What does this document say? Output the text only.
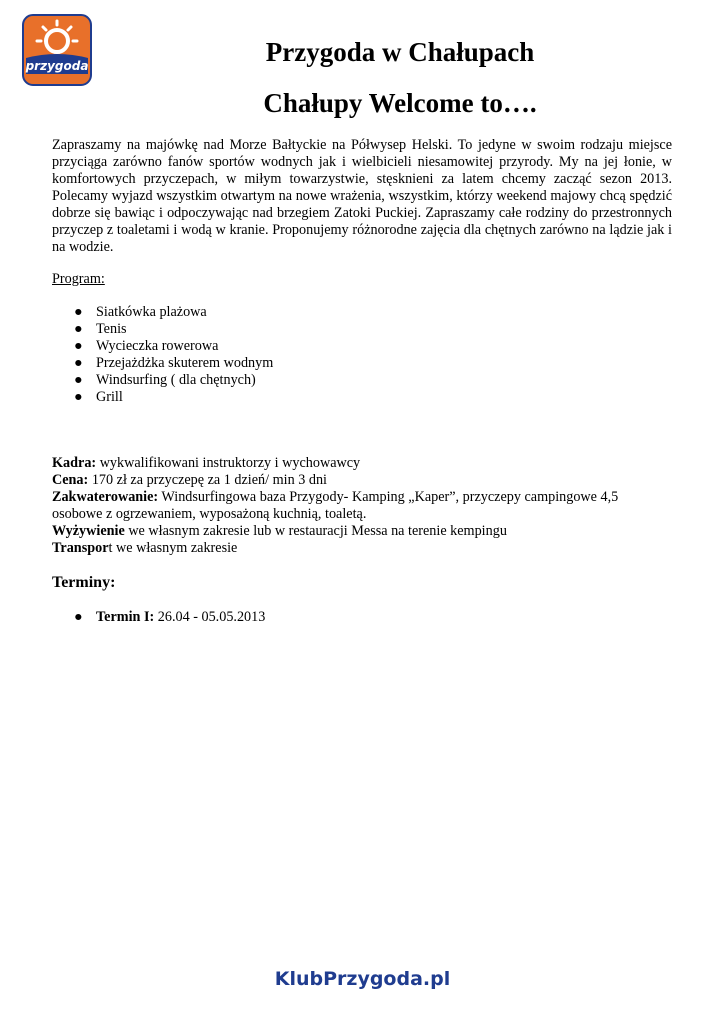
przygoda	Przygoda w Chałupach
Chałupy Welcome to….

Zapraszamy na majówkę nad Morze Bałtyckie na Półwysep Helski. To jedyne w swoim rodzaju miejsce przyciąga zarówno fanów sportów wodnych jak i wielbicieli niesamowitej przyrody. My na jej łonie, w komfortowych przyczepach, w miłym towarzystwie, stęsknieni za latem chcemy zacząć sezon 2013. Polecamy wyjazd wszystkim otwartym na nowe wrażenia, wszystkim, którzy weekend majowy chcą spędzić dobrze się bawiąc i odpoczywając nad brzegiem Zatoki Puckiej. Zapraszamy całe rodziny do przestronnych przyczep z toaletami i wodą w kranie. Proponujemy różnorodne zajęcia dla chętnych zarówno na lądzie jak i na wodzie.

Program:

● Siatkówka plażowa
● Tenis
● Wycieczka rowerowa
● Przejażdżka skuterem wodnym
● Windsurfing ( dla chętnych)
● Grill

Kadra: wykwalifikowani instruktorzy i wychowawcy

Cena: 170 zł za przyczepę za 1 dzień/ min 3 dni

Zakwaterowanie: Windsurfingowa baza Przygody- Kamping „Kaper”, przyczepy campingowe 4,5 osobowe z ogrzewaniem, wyposażoną kuchnią, toaletą.

Wyżywienie we własnym zakresie lub w restauracji Messa na terenie kempingu

Transport we własnym zakresie

Terminy:
● Termin I: 26.04 - 05.05.2013
KlubPrzygoda.pl
